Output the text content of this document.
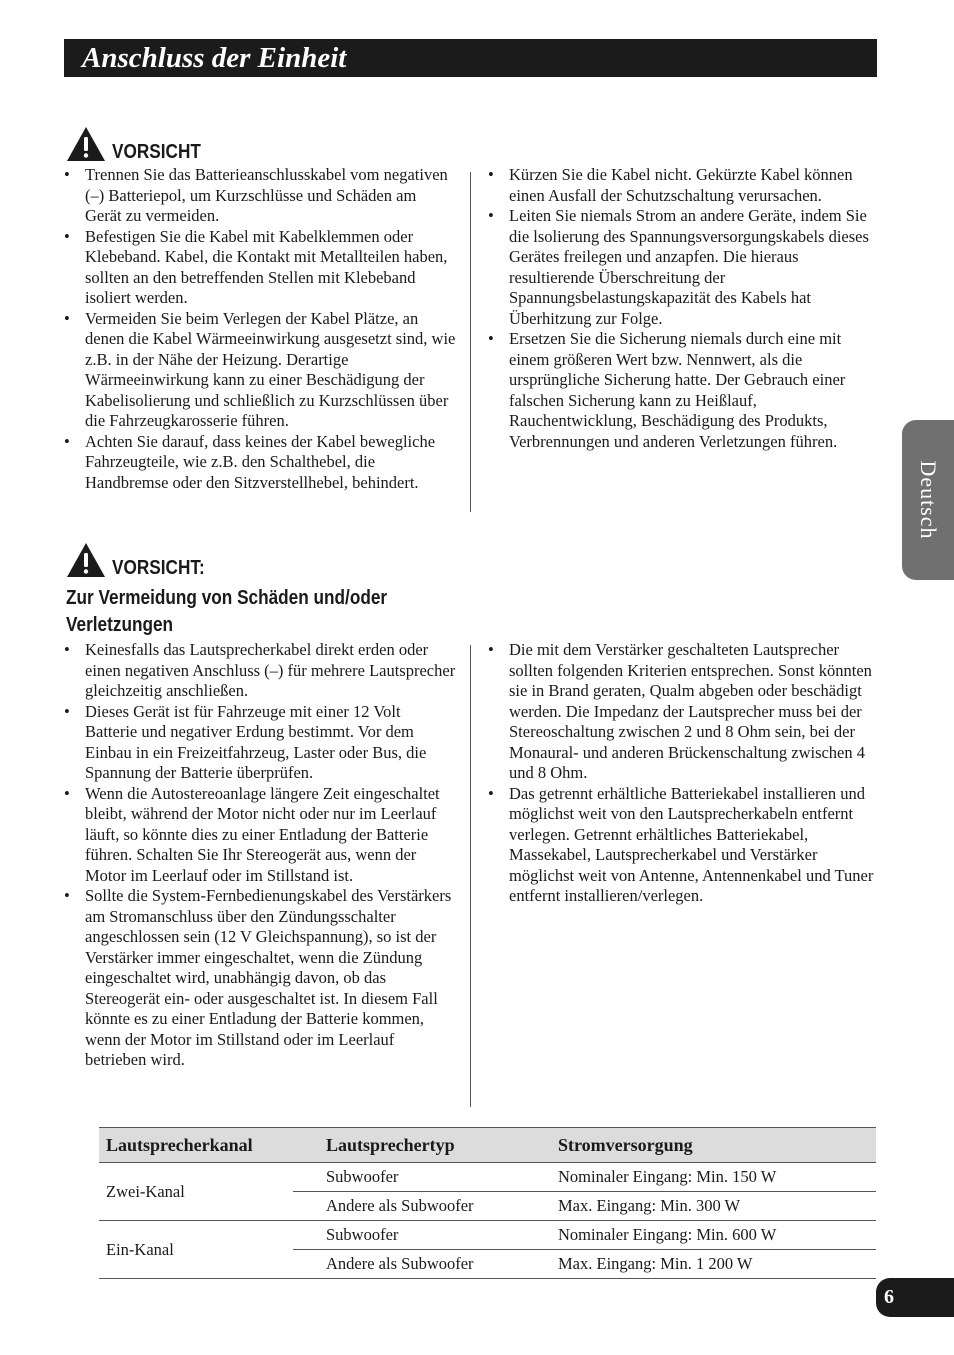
Anschluss der Einheit
VORSICHT
• Trennen Sie das Batterieanschlusskabel vom negativen (–) Batteriepol, um Kurzschlüsse und Schäden am Gerät zu vermeiden.
• Befestigen Sie die Kabel mit Kabelklemmen oder Klebeband. Kabel, die Kontakt mit Metallteilen haben, sollten an den betreffenden Stellen mit Klebeband isoliert werden.
• Vermeiden Sie beim Verlegen der Kabel Plätze, an denen die Kabel Wärmeeinwirkung ausgesetzt sind, wie z.B. in der Nähe der Heizung. Derartige Wärmeeinwirkung kann zu einer Beschädigung der Kabelisolierung und schließlich zu Kurzschlüssen über die Fahrzeugkarosserie führen.
• Achten Sie darauf, dass keines der Kabel bewegliche Fahrzeugteile, wie z.B. den Schalthebel, die Handbremse oder den Sitzverstellhebel, behindert.
• Kürzen Sie die Kabel nicht. Gekürzte Kabel können einen Ausfall der Schutzschaltung verursachen.
• Leiten Sie niemals Strom an andere Geräte, indem Sie die lsolierung des Spannungsversorgungskabels dieses Gerätes freilegen und anzapfen. Die hieraus resultierende Überschreitung der Spannungsbelastungskapazität des Kabels hat Überhitzung zur Folge.
• Ersetzen Sie die Sicherung niemals durch eine mit einem größeren Wert bzw. Nennwert, als die ursprüngliche Sicherung hatte. Der Gebrauch einer falschen Sicherung kann zu Heißlauf, Rauchentwicklung, Beschädigung des Produkts, Verbrennungen und anderen Verletzungen führen.
VORSICHT:
Zur Vermeidung von Schäden und/oder Verletzungen
• Keinesfalls das Lautsprecherkabel direkt erden oder einen negativen Anschluss (–) für mehrere Lautsprecher gleichzeitig anschließen.
• Dieses Gerät ist für Fahrzeuge mit einer 12 Volt Batterie und negativer Erdung bestimmt. Vor dem Einbau in ein Freizeitfahrzeug, Laster oder Bus, die Spannung der Batterie überprüfen.
• Wenn die Autostereoanlage längere Zeit eingeschaltet bleibt, während der Motor nicht oder nur im Leerlauf läuft, so könnte dies zu einer Entladung der Batterie führen. Schalten Sie Ihr Stereogerät aus, wenn der Motor im Leerlauf oder im Stillstand ist.
• Sollte die System-Fernbedienungskabel des Verstärkers am Stromanschluss über den Zündungsschalter angeschlossen sein (12 V Gleichspannung), so ist der Verstärker immer eingeschaltet, wenn die Zündung eingeschaltet wird, unabhängig davon, ob das Stereogerät ein- oder ausgeschaltet ist. In diesem Fall könnte es zu einer Entladung der Batterie kommen, wenn der Motor im Stillstand oder im Leerlauf betrieben wird.
• Die mit dem Verstärker geschalteten Lautsprecher sollten folgenden Kriterien entsprechen. Sonst könnten sie in Brand geraten, Qualm abgeben oder beschädigt werden. Die Impedanz der Lautsprecher muss bei der Stereoschaltung zwischen 2 und 8 Ohm sein, bei der Monaural- und anderen Brückenschaltung zwischen 4 und 8 Ohm.
• Das getrennt erhältliche Batteriekabel installieren und möglichst weit von den Lautsprecherkabeln entfernt verlegen. Getrennt erhältliches Batteriekabel, Massekabel, Lautsprecherkabel und Verstärker möglichst weit von Antenne, Antennenkabel und Tuner entfernt installieren/verlegen.
Deutsch
Lautsprecherkanal	Lautsprechertyp	Stromversorgung
Zwei-Kanal	Subwoofer	Nominaler Eingang: Min. 150 W
	Andere als Subwoofer	Max. Eingang: Min. 300 W
Ein-Kanal	Subwoofer	Nominaler Eingang: Min. 600 W
	Andere als Subwoofer	Max. Eingang: Min. 1 200 W
6
